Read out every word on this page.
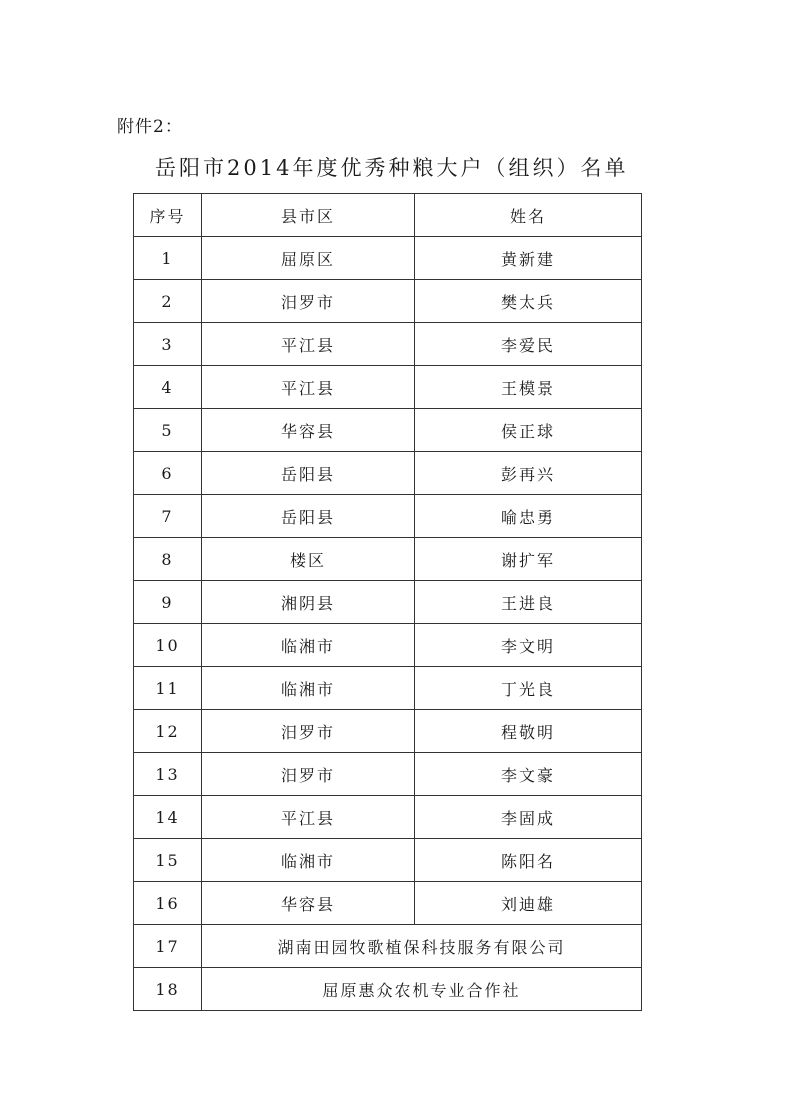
附件2：
岳阳市2014年度优秀种粮大户（组织）名单
序号	县市区	姓名
1	屈原区	黄新建
2	汨罗市	樊太兵
3	平江县	李爱民
4	平江县	王模景
5	华容县	侯正球
6	岳阳县	彭再兴
7	岳阳县	喻忠勇
8	楼区	谢扩军
9	湘阴县	王进良
10	临湘市	李文明
11	临湘市	丁光良
12	汨罗市	程敬明
13	汨罗市	李文豪
14	平江县	李固成
15	临湘市	陈阳名
16	华容县	刘迪雄
17	湖南田园牧歌植保科技服务有限公司	
18	屈原惠众农机专业合作社	
